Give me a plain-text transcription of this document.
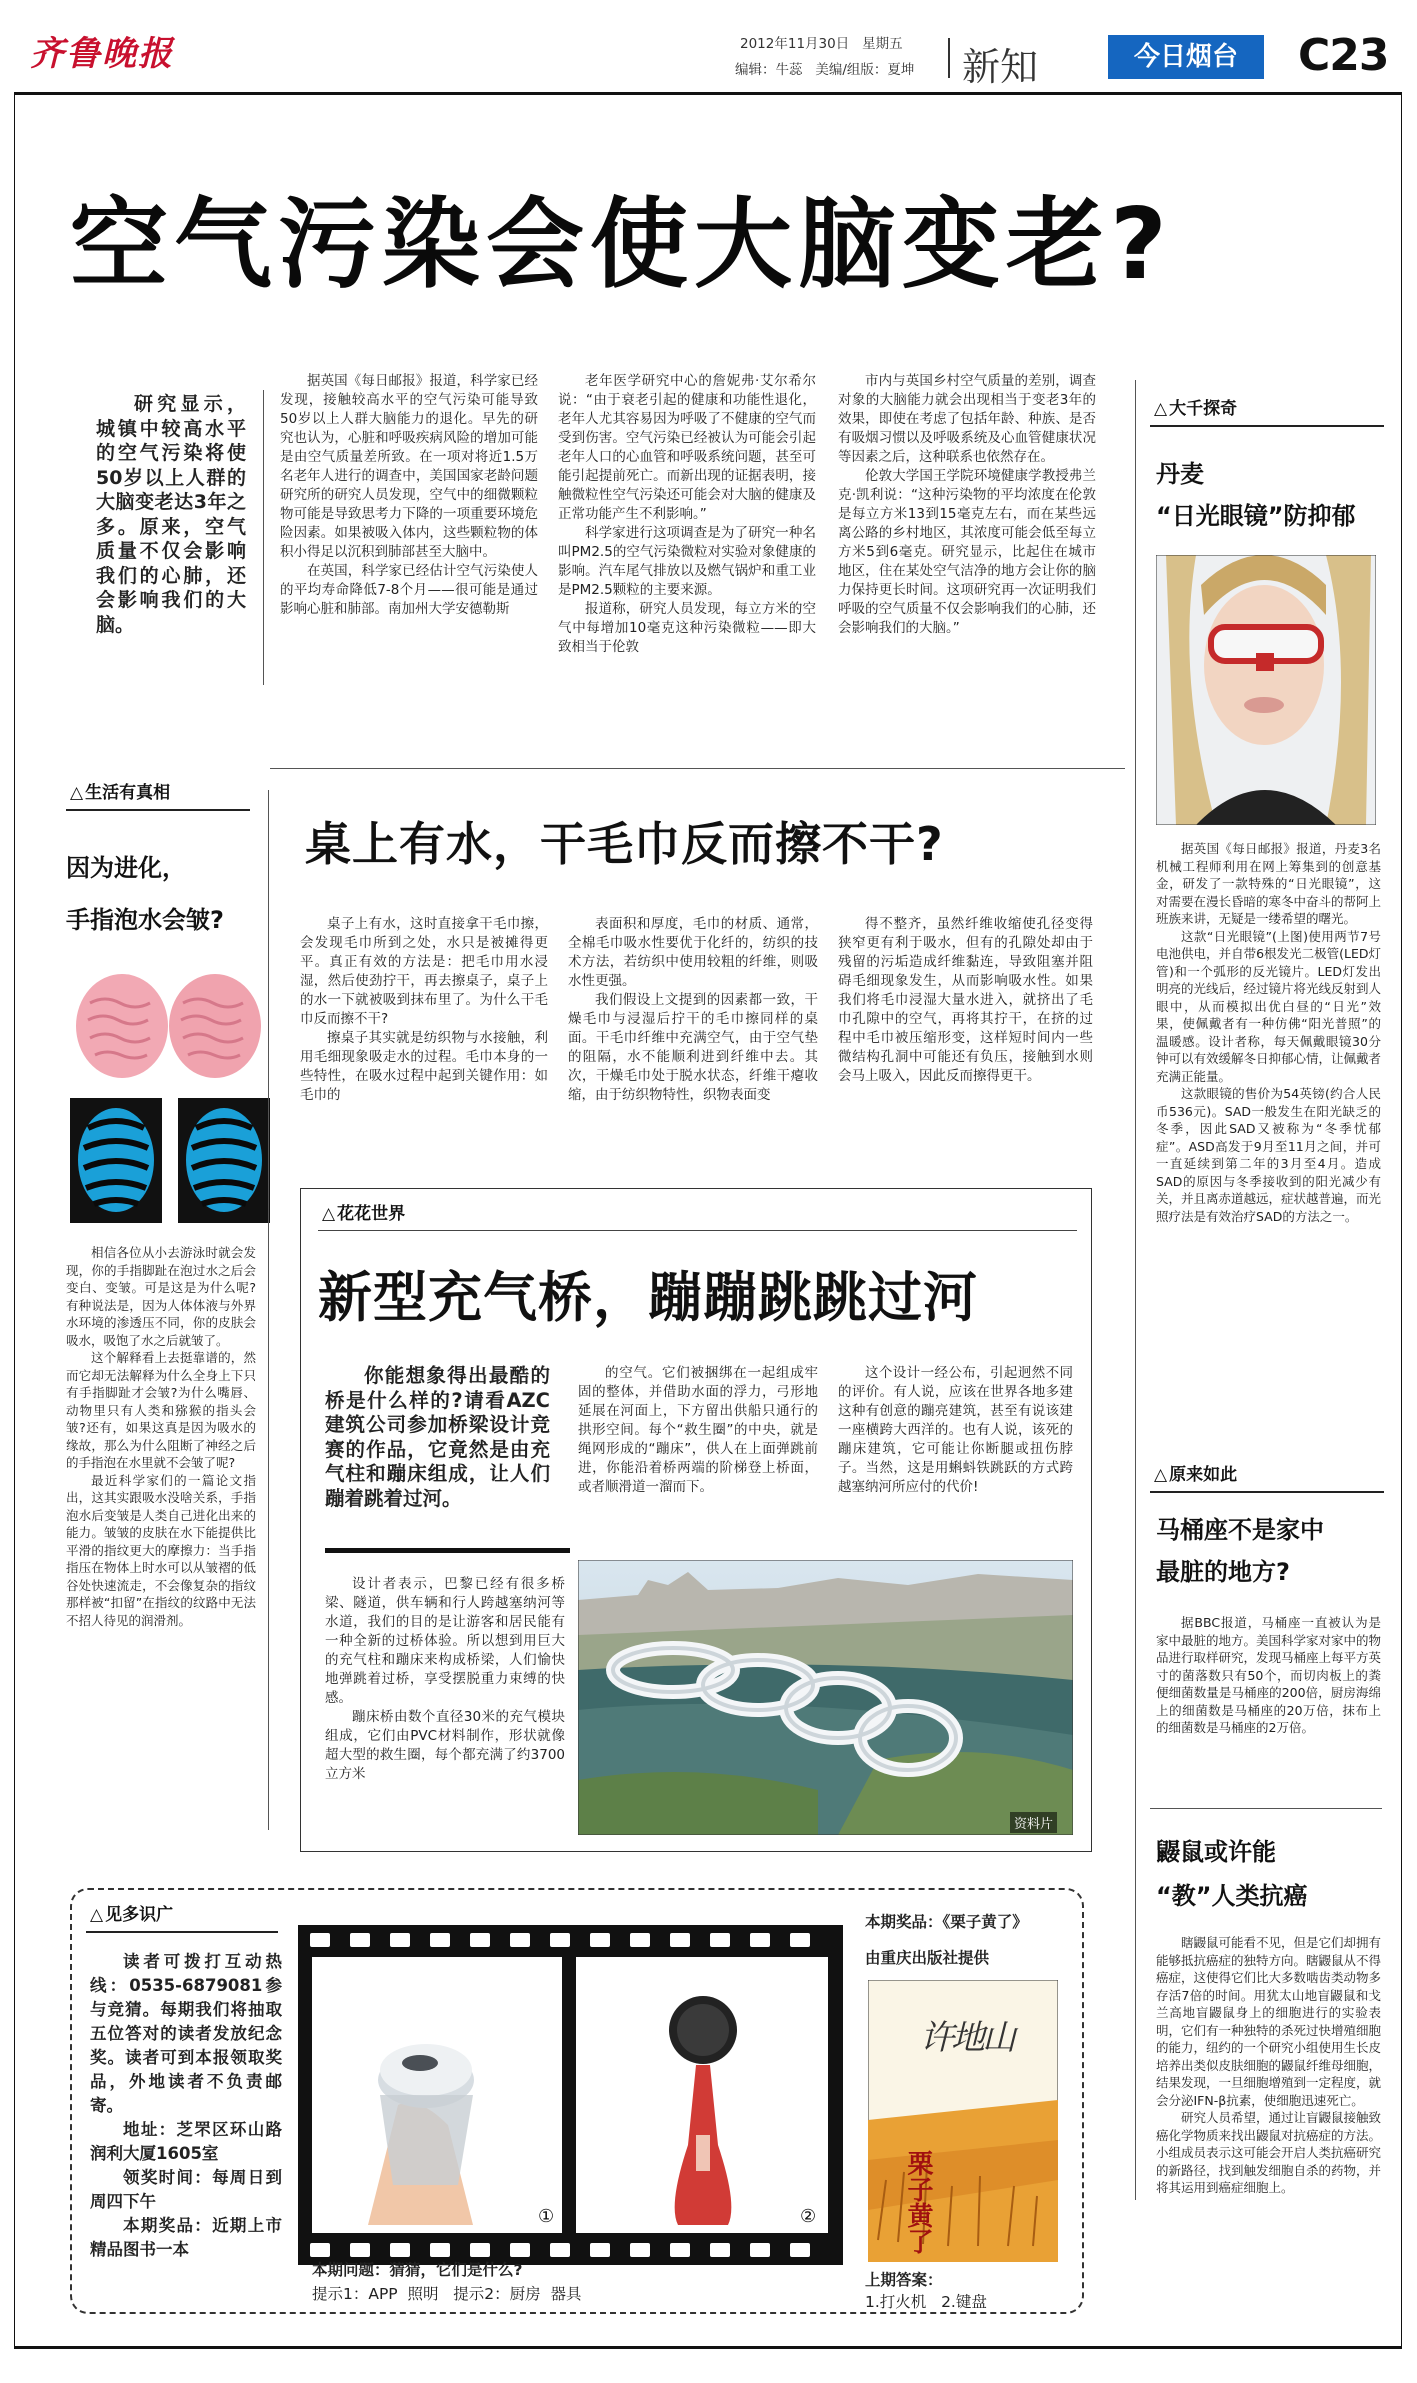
齐鲁晚报	2012年11月30日   星期五
编辑：牛蕊   美编/组版：夏坤 新知	今日烟台	C23
空气污染会使大脑变老?
研究显示，城镇中较高水平的空气污染将使50岁以上人群的大脑变老达3年之多。原来，空气质量不仅会影响我们的心肺，还会影响我们的大脑。

据英国《每日邮报》报道，科学家已经发现，接触较高水平的空气污染可能导致50岁以上人群大脑能力的退化。早先的研究也认为，心脏和呼吸疾病风险的增加可能是由空气质量差所致。在一项对将近1.5万名老年人进行的调查中，美国国家老龄问题研究所的研究人员发现，空气中的细微颗粒物可能是导致思考力下降的一项重要环境危险因素。如果被吸入体内，这些颗粒物的体积小得足以沉积到肺部甚至大脑中。

在英国，科学家已经估计空气污染使人的平均寿命降低7-8个月——很可能是通过影响心脏和肺部。南加州大学安德勒斯

老年医学研究中心的詹妮弗·艾尔希尔说：“由于衰老引起的健康和功能性退化，老年人尤其容易因为呼吸了不健康的空气而受到伤害。空气污染已经被认为可能会引起老年人口的心血管和呼吸系统问题，甚至可能引起提前死亡。而新出现的证据表明，接触微粒性空气污染还可能会对大脑的健康及正常功能产生不利影响。”

科学家进行这项调查是为了研究一种名叫PM2.5的空气污染微粒对实验对象健康的影响。汽车尾气排放以及燃气锅炉和重工业是PM2.5颗粒的主要来源。

报道称，研究人员发现，每立方米的空气中每增加10毫克这种污染微粒——即大致相当于伦敦

市内与英国乡村空气质量的差别，调查对象的大脑能力就会出现相当于变老3年的效果，即使在考虑了包括年龄、种族、是否有吸烟习惯以及呼吸系统及心血管健康状况等因素之后，这种联系也依然存在。

伦敦大学国王学院环境健康学教授弗兰克·凯利说：“这种污染物的平均浓度在伦敦是每立方米13到15毫克左右，而在某些远离公路的乡村地区，其浓度可能会低至每立方米5到6毫克。研究显示，比起住在城市地区，住在某处空气洁净的地方会让你的脑力保持更长时间。这项研究再一次证明我们呼吸的空气质量不仅会影响我们的心肺，还会影响我们的大脑。”

△ 生活有真相
因为进化，
手指泡水会皱?

相信各位从小去游泳时就会发现，你的手指脚趾在泡过水之后会变白、变皱。可是这是为什么呢?有种说法是，因为人体体液与外界水环境的渗透压不同，你的皮肤会吸水，吸饱了水之后就皱了。

这个解释看上去挺靠谱的，然而它却无法解释为什么全身上下只有手指脚趾才会皱?为什么嘴唇、动物里只有人类和猕猴的指头会皱?还有，如果这真是因为吸水的缘故，那么为什么阻断了神经之后的手指泡在水里就不会皱了呢?

最近科学家们的一篇论文指出，这其实跟吸水没啥关系，手指泡水后变皱是人类自己进化出来的能力。皱皱的皮肤在水下能提供比平滑的指纹更大的摩擦力：当手指指压在物体上时水可以从皱褶的低谷处快速流走，不会像复杂的指纹那样被“扣留”在指纹的纹路中无法不招人待见的润滑剂。

桌上有水，干毛巾反而擦不干?

桌子上有水，这时直接拿干毛巾擦，会发现毛巾所到之处，水只是被摊得更平。真正有效的方法是：把毛巾用水浸湿，然后使劲拧干，再去擦桌子，桌子上的水一下就被吸到抹布里了。为什么干毛巾反而擦不干?

擦桌子其实就是纺织物与水接触，利用毛细现象吸走水的过程。毛巾本身的一些特性，在吸水过程中起到关键作用：如毛巾的

表面积和厚度，毛巾的材质、通常，全棉毛巾吸水性要优于化纤的，纺织的技术方法，若纺织中使用较粗的纤维，则吸水性更强。

我们假设上文提到的因素都一致，干燥毛巾与浸湿后拧干的毛巾擦同样的桌面。干毛巾纤维中充满空气，由于空气垫的阻隔，水不能顺利进到纤维中去。其次，干燥毛巾处于脱水状态，纤维干瘪收缩，由于纺织物特性，织物表面变

得不整齐，虽然纤维收缩使孔径变得狭窄更有利于吸水，但有的孔隙处却由于残留的污垢造成纤维黏连，导致阻塞并阻碍毛细现象发生，从而影响吸水性。如果我们将毛巾浸湿大量水进入，就挤出了毛巾孔隙中的空气，再将其拧干，在挤的过程中毛巾被压缩形变，这样短时间内一些微结构孔洞中可能还有负压，接触到水则会马上吸入，因此反而擦得更干。

△ 花花世界
新型充气桥，蹦蹦跳跳过河
你能想象得出最酷的桥是什么样的?请看AZC建筑公司参加桥梁设计竞赛的作品，它竟然是由充气柱和蹦床组成，让人们蹦着跳着过河。

的空气。它们被捆绑在一起组成牢固的整体，并借助水面的浮力，弓形地延展在河面上，下方留出供船只通行的拱形空间。每个“救生圈”的中央，就是绳网形成的“蹦床”，供人在上面弹跳前进，你能沿着桥两端的阶梯登上桥面，或者顺滑道一溜而下。

这个设计一经公布，引起迥然不同的评价。有人说，应该在世界各地多建这种有创意的蹦亮建筑，甚至有说该建一座横跨大西洋的。也有人说，该死的蹦床建筑，它可能让你断腿或扭伤脖子。当然，这是用蝌蚪铁跳跃的方式跨越塞纳河所应付的代价!

设计者表示，巴黎已经有很多桥梁、隧道，供车辆和行人跨越塞纳河等水道，我们的目的是让游客和居民能有一种全新的过桥体验。所以想到用巨大的充气柱和蹦床来构成桥梁，人们愉快地弹跳着过桥，享受摆脱重力束缚的快感。

蹦床桥由数个直径30米的充气模块组成，它们由PVC材料制作，形状就像超大型的救生圈，每个都充满了约3700立方米

资料片
△ 大千探奇
丹麦
“日光眼镜”防抑郁

据英国《每日邮报》报道，丹麦3名机械工程师利用在网上筹集到的创意基金，研发了一款特殊的“日光眼镜”，这对需要在漫长昏暗的寒冬中奋斗的帮阿上班族来讲，无疑是一缕希望的曙光。

这款“日光眼镜”(上图)使用两节7号电池供电，并自带6根发光二极管(LED灯管)和一个弧形的反光镜片。LED灯发出明亮的光线后，经过镜片将光线反射到人眼中，从而模拟出优白昼的“日光”效果，使佩戴者有一种仿佛“阳光普照”的温暖感。设计者称，每天佩戴眼镜30分钟可以有效缓解冬日抑郁心情，让佩戴者充满正能量。

这款眼镜的售价为54英镑(约合人民币536元)。SAD一般发生在阳光缺乏的冬季，因此SAD又被称为“冬季忧郁症”。ASD高发于9月至11月之间，并可一直延续到第二年的3月至4月。造成SAD的原因与冬季接收到的阳光减少有关，并且离赤道越远，症状越普遍，而光照疗法是有效治疗SAD的方法之一。

△ 原来如此
马桶座不是家中
最脏的地方?

据BBC报道，马桶座一直被认为是家中最脏的地方。美国科学家对家中的物品进行取样研究，发现马桶座上每平方英寸的菌落数只有50个，而切肉板上的粪便细菌数量是马桶座的200倍，厨房海绵上的细菌数是马桶座的20万倍，抹布上的细菌数是马桶座的2万倍。

鼹鼠或许能
“教”人类抗癌

瞎鼹鼠可能看不见，但是它们却拥有能够抵抗癌症的独特方向。瞎鼹鼠从不得癌症，这使得它们比大多数啮齿类动物多存活7倍的时间。用犹太山地盲鼹鼠和戈兰高地盲鼹鼠身上的细胞进行的实验表明，它们有一种独特的杀死过快增殖细胞的能力，纽约的一个研究小组使用生长皮培养出类似皮肤细胞的鼹鼠纤维母细胞，结果发现，一旦细胞增殖到一定程度，就会分泌IFN-β抗素，使细胞迅速死亡。

研究人员希望，通过让盲鼹鼠接触致癌化学物质来找出鼹鼠对抗癌症的方法。小组成员表示这可能会开启人类抗癌研究的新路径，找到触发细胞自杀的药物，并将其运用到癌症细胞上。

△ 见多识广

读者可拨打互动热线：0535-6879081参与竞猜。每期我们将抽取五位答对的读者发放纪念奖。读者可到本报领取奖品，外地读者不负责邮寄。

地址：芝罘区环山路润利大厦1605室

领奖时间：每周日到周四下午

本期奖品：近期上市精品图书一本

①	②
本期问题：猜猜，它们是什么?
提示1：APP  照明   提示2：厨房  器具
本期奖品：《栗子黄了》
由重庆出版社提供
许地山
栗子黄了
上期答案：
1.打火机   2.键盘
